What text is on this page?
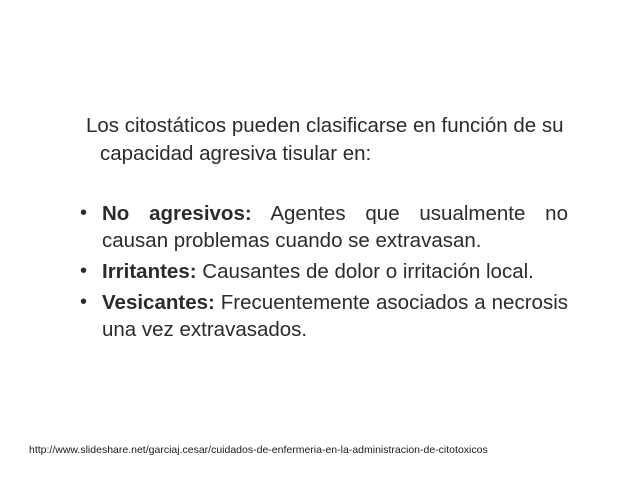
Los citostáticos pueden clasificarse en función de su
capacidad agresiva tisular en:
• No agresivos: Agentes que usualmente no causan problemas cuando se extravasan.
• Irritantes: Causantes de dolor o irritación local.
• Vesicantes: Frecuentemente asociados a necrosis una vez extravasados.
http://www.slideshare.net/garciaj.cesar/cuidados-de-enfermeria-en-la-administracion-de-citotoxicos
